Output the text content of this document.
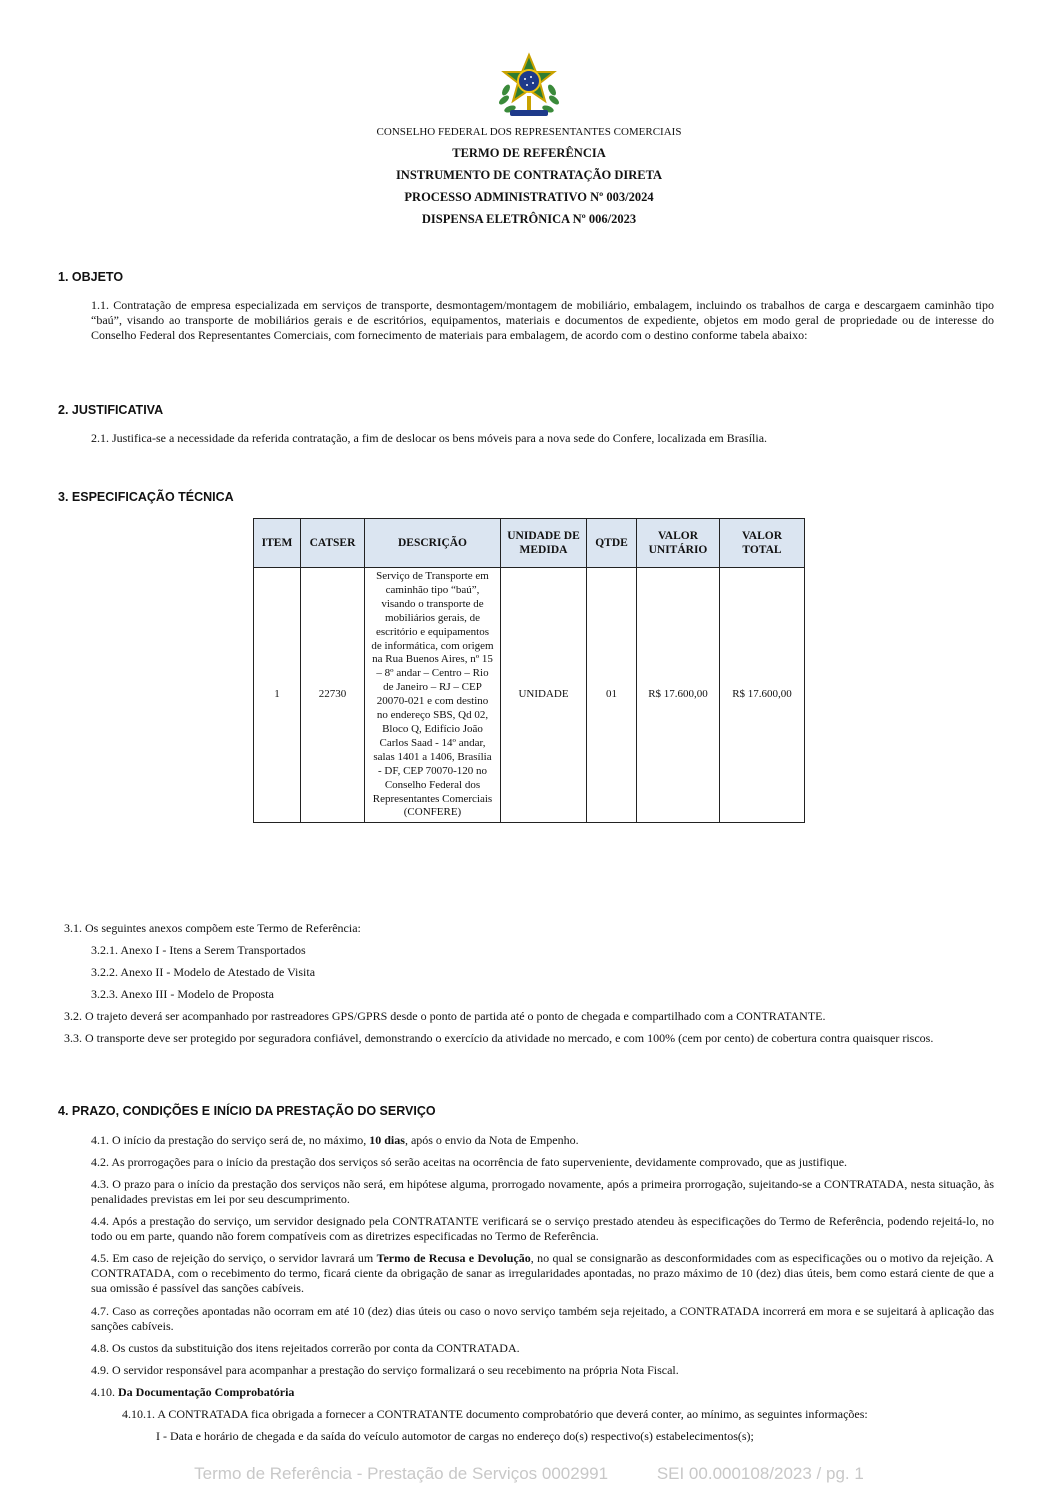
CONSELHO FEDERAL DOS REPRESENTANTES COMERCIAIS
TERMO DE REFERÊNCIA
INSTRUMENTO DE CONTRATAÇÃO DIRETA
PROCESSO ADMINISTRATIVO Nº 003/2024
DISPENSA ELETRÔNICA Nº 006/2023
1. OBJETO
1.1. Contratação de empresa especializada em serviços de transporte, desmontagem/montagem de mobiliário, embalagem, incluindo os trabalhos de carga e descargaem caminhão tipo “baú”, visando ao transporte de mobiliários gerais e de escritórios, equipamentos, materiais e documentos de expediente, objetos em modo geral de propriedade ou de interesse do Conselho Federal dos Representantes Comerciais, com fornecimento de materiais para embalagem, de acordo com o destino conforme tabela abaixo:
2. JUSTIFICATIVA
2.1. Justifica-se a necessidade da referida contratação, a fim de deslocar os bens móveis para a nova sede do Confere, localizada em Brasília.
3. ESPECIFICAÇÃO TÉCNICA
ITEM	CATSER	DESCRIÇÃO	UNIDADE DE MEDIDA	QTDE	VALOR UNITÁRIO	VALOR TOTAL
1	22730	Serviço de Transporte em caminhão tipo “baú”, visando o transporte de mobiliários gerais, de escritório e equipamentos de informática, com origem na Rua Buenos Aires, nº 15 – 8º andar – Centro – Rio de Janeiro – RJ – CEP 20070-021 e com destino no endereço SBS, Qd 02, Bloco Q, Edifício João Carlos Saad - 14º andar, salas 1401 a 1406, Brasília - DF, CEP 70070-120 no Conselho Federal dos Representantes Comerciais (CONFERE)	UNIDADE	01	R$ 17.600,00	R$ 17.600,00
3.1. Os seguintes anexos compõem este Termo de Referência:
3.2.1. Anexo I - Itens a Serem Transportados
3.2.2. Anexo II - Modelo de Atestado de Visita
3.2.3. Anexo III - Modelo de Proposta
3.2. O trajeto deverá ser acompanhado por rastreadores GPS/GPRS desde o ponto de partida até o ponto de chegada e compartilhado com a CONTRATANTE.
3.3. O transporte deve ser protegido por seguradora confiável, demonstrando o exercício da atividade no mercado, e com 100% (cem por cento) de cobertura contra quaisquer riscos.
4. PRAZO, CONDIÇÕES E INÍCIO DA PRESTAÇÃO DO SERVIÇO
4.1. O início da prestação do serviço será de, no máximo, 10 dias, após o envio da Nota de Empenho.
4.2. As prorrogações para o início da prestação dos serviços só serão aceitas na ocorrência de fato superveniente, devidamente comprovado, que as justifique.
4.3. O prazo para o início da prestação dos serviços não será, em hipótese alguma, prorrogado novamente, após a primeira prorrogação, sujeitando-se a CONTRATADA, nesta situação, às penalidades previstas em lei por seu descumprimento.
4.4. Após a prestação do serviço, um servidor designado pela CONTRATANTE verificará se o serviço prestado atendeu às especificações do Termo de Referência, podendo rejeitá-lo, no todo ou em parte, quando não forem compatíveis com as diretrizes especificadas no Termo de Referência.
4.5. Em caso de rejeição do serviço, o servidor lavrará um Termo de Recusa e Devolução, no qual se consignarão as desconformidades com as especificações ou o motivo da rejeição. A CONTRATADA, com o recebimento do termo, ficará ciente da obrigação de sanar as irregularidades apontadas, no prazo máximo de 10 (dez) dias úteis, bem como estará ciente de que a sua omissão é passível das sanções cabíveis.
4.7. Caso as correções apontadas não ocorram em até 10 (dez) dias úteis ou caso o novo serviço também seja rejeitado, a CONTRATADA incorrerá em mora e se sujeitará à aplicação das sanções cabíveis.
4.8. Os custos da substituição dos itens rejeitados correrão por conta da CONTRATADA.
4.9. O servidor responsável para acompanhar a prestação do serviço formalizará o seu recebimento na própria Nota Fiscal.
4.10. Da Documentação Comprobatória
4.10.1. A CONTRATADA fica obrigada a fornecer a CONTRATANTE documento comprobatório que deverá conter, ao mínimo, as seguintes informações:
I - Data e horário de chegada e da saída do veículo automotor de cargas no endereço do(s) respectivo(s) estabelecimentos(s);
Termo de Referência - Prestação de Serviços 0002991	SEI 00.000108/2023 / pg. 1
